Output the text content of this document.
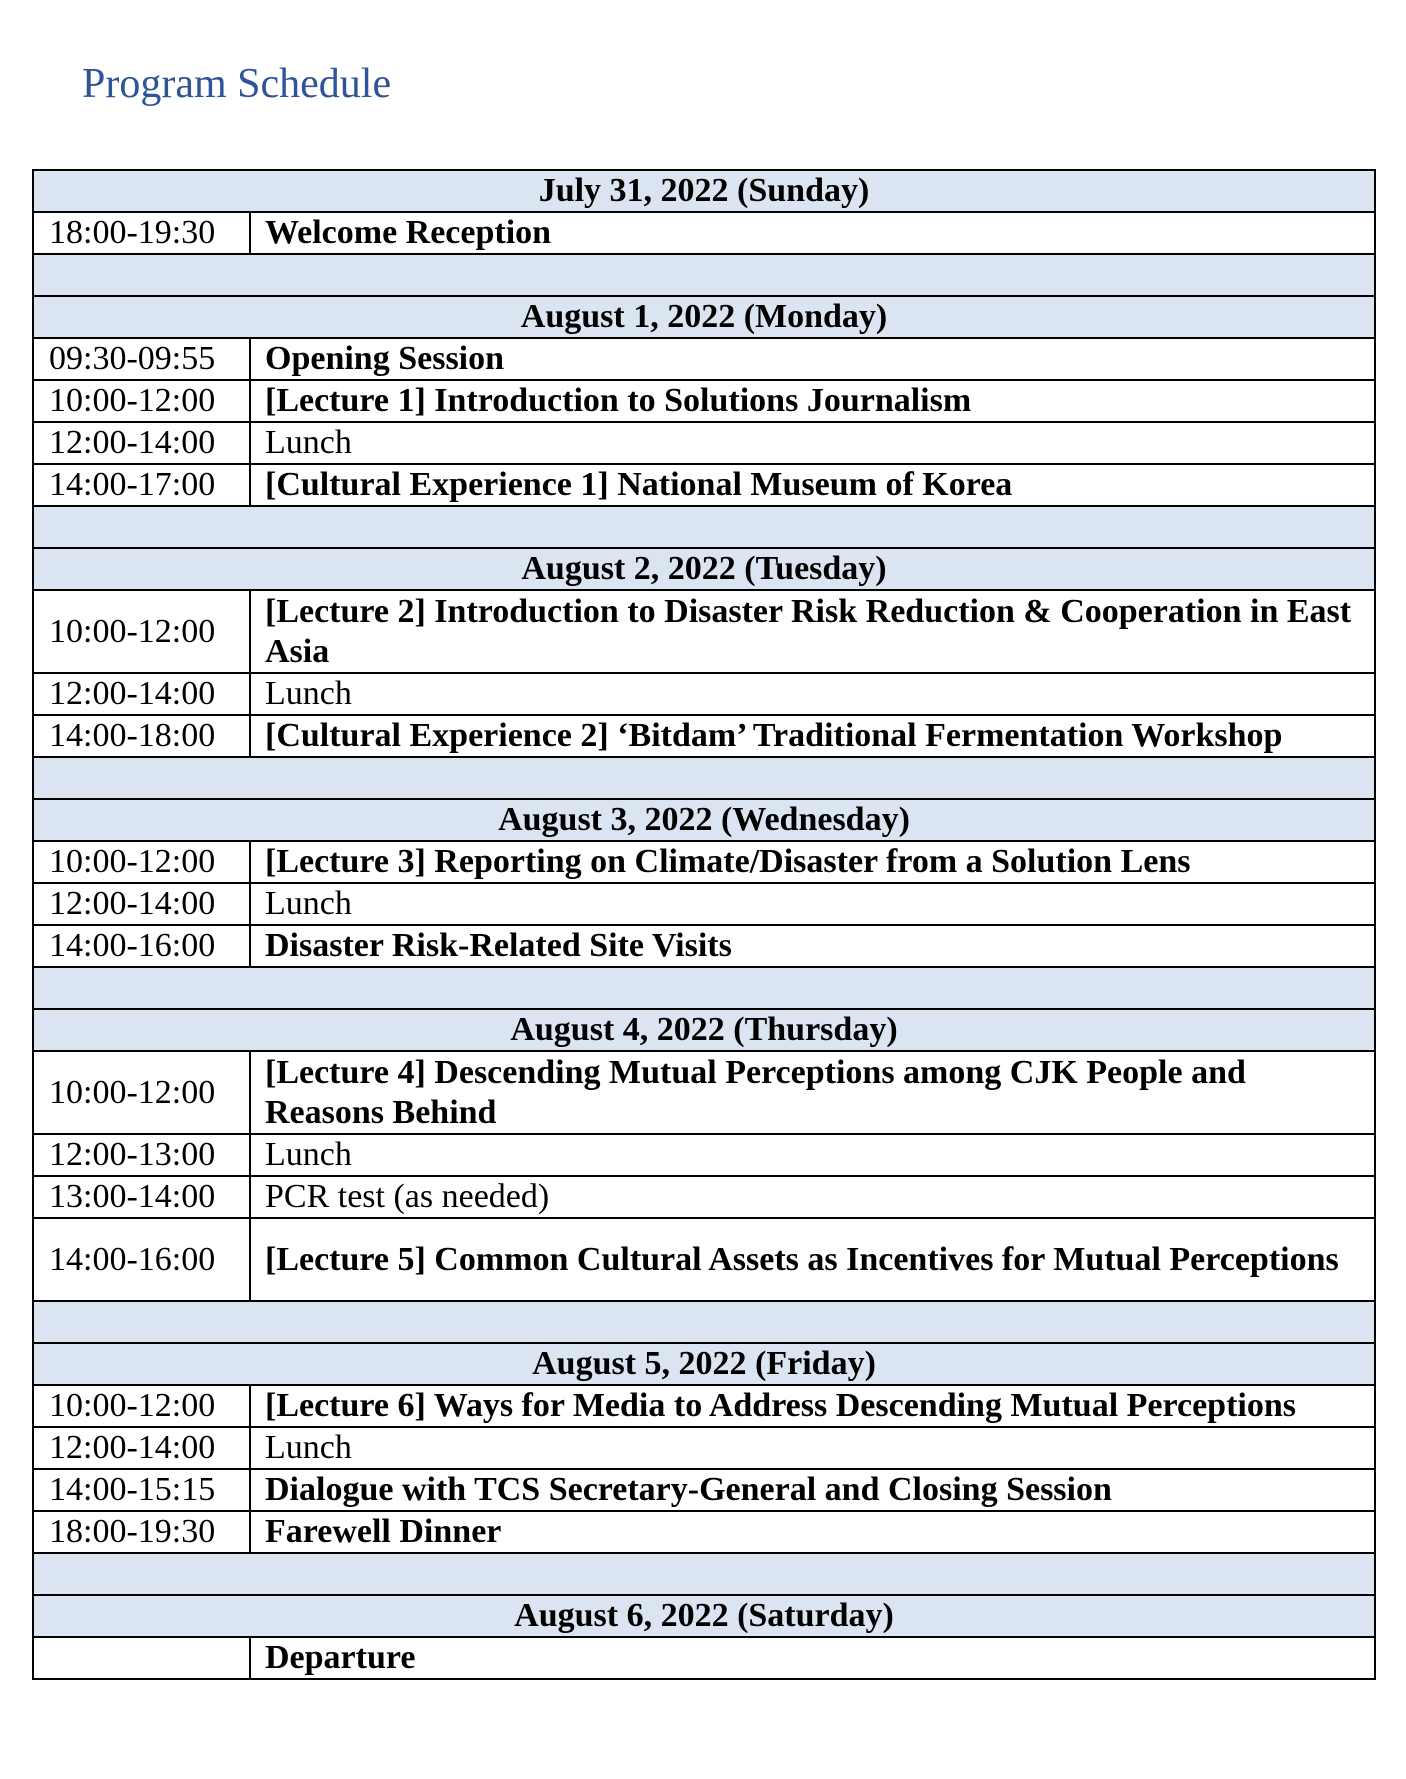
Program Schedule
July 31, 2022 (Sunday)	
18:00-19:30	Welcome Reception

August 1, 2022 (Monday)	
09:30-09:55	Opening Session
10:00-12:00	[Lecture 1] Introduction to Solutions Journalism
12:00-14:00	Lunch
14:00-17:00	[Cultural Experience 1] National Museum of Korea

August 2, 2022 (Tuesday)	
10:00-12:00	[Lecture 2] Introduction to Disaster Risk Reduction & Cooperation in East Asia
12:00-14:00	Lunch
14:00-18:00	[Cultural Experience 2] ‘Bitdam’ Traditional Fermentation Workshop

August 3, 2022 (Wednesday)	
10:00-12:00	[Lecture 3] Reporting on Climate/Disaster from a Solution Lens
12:00-14:00	Lunch
14:00-16:00	Disaster Risk-Related Site Visits

August 4, 2022 (Thursday)	
10:00-12:00	[Lecture 4] Descending Mutual Perceptions among CJK People and Reasons Behind
12:00-13:00	Lunch
13:00-14:00	PCR test (as needed)
14:00-16:00	[Lecture 5] Common Cultural Assets as Incentives for Mutual Perceptions

August 5, 2022 (Friday)	
10:00-12:00	[Lecture 6] Ways for Media to Address Descending Mutual Perceptions
12:00-14:00	Lunch
14:00-15:15	Dialogue with TCS Secretary-General and Closing Session
18:00-19:30	Farewell Dinner

August 6, 2022 (Saturday)	
	Departure
